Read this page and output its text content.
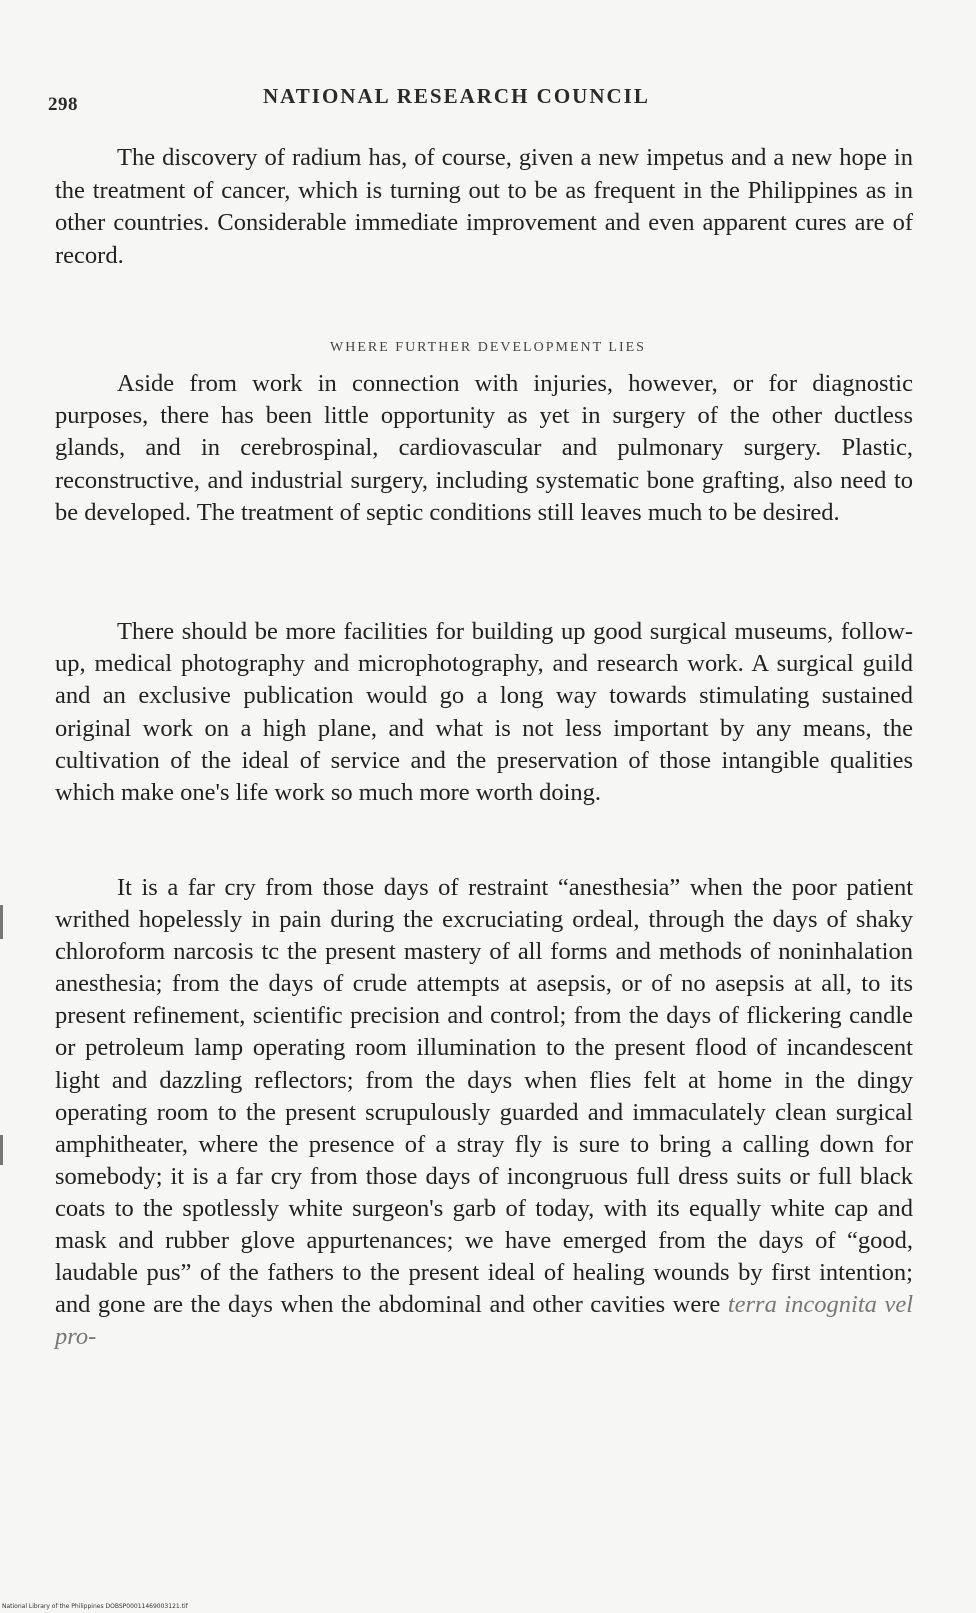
298	NATIONAL RESEARCH COUNCIL

The discovery of radium has, of course, given a new impetus and a new hope in the treatment of cancer, which is turning out to be as frequent in the Philippines as in other countries. Considerable immediate improvement and even apparent cures are of record.

WHERE FURTHER DEVELOPMENT LIES

Aside from work in connection with injuries, however, or for diagnostic purposes, there has been little opportunity as yet in surgery of the other ductless glands, and in cerebrospinal, cardiovascular and pulmonary surgery. Plastic, reconstructive, and industrial surgery, including systematic bone grafting, also need to be developed. The treatment of septic conditions still leaves much to be desired.

There should be more facilities for building up good surgical museums, follow-up, medical photography and microphotography, and research work. A surgical guild and an exclusive publication would go a long way towards stimulating sustained original work on a high plane, and what is not less important by any means, the cultivation of the ideal of service and the preservation of those intangible qualities which make one's life work so much more worth doing.

It is a far cry from those days of restraint “anesthesia” when the poor patient writhed hopelessly in pain during the excruciating ordeal, through the days of shaky chloroform narcosis tc the present mastery of all forms and methods of noninhalation anesthesia; from the days of crude attempts at asepsis, or of no asepsis at all, to its present refinement, scientific precision and control; from the days of flickering candle or petroleum lamp operating room illumination to the present flood of incandescent light and dazzling reflectors; from the days when flies felt at home in the dingy operating room to the present scrupulously guarded and immaculately clean surgical amphitheater, where the presence of a stray fly is sure to bring a calling down for somebody; it is a far cry from those days of incongruous full dress suits or full black coats to the spotlessly white surgeon's garb of today, with its equally white cap and mask and rubber glove appurtenances; we have emerged from the days of “good, laudable pus” of the fathers to the present ideal of healing wounds by first intention; and gone are the days when the abdominal and other cavities were terra incognita vel pro-

National Library of the Philippines DOBSP00011469003121.tif
